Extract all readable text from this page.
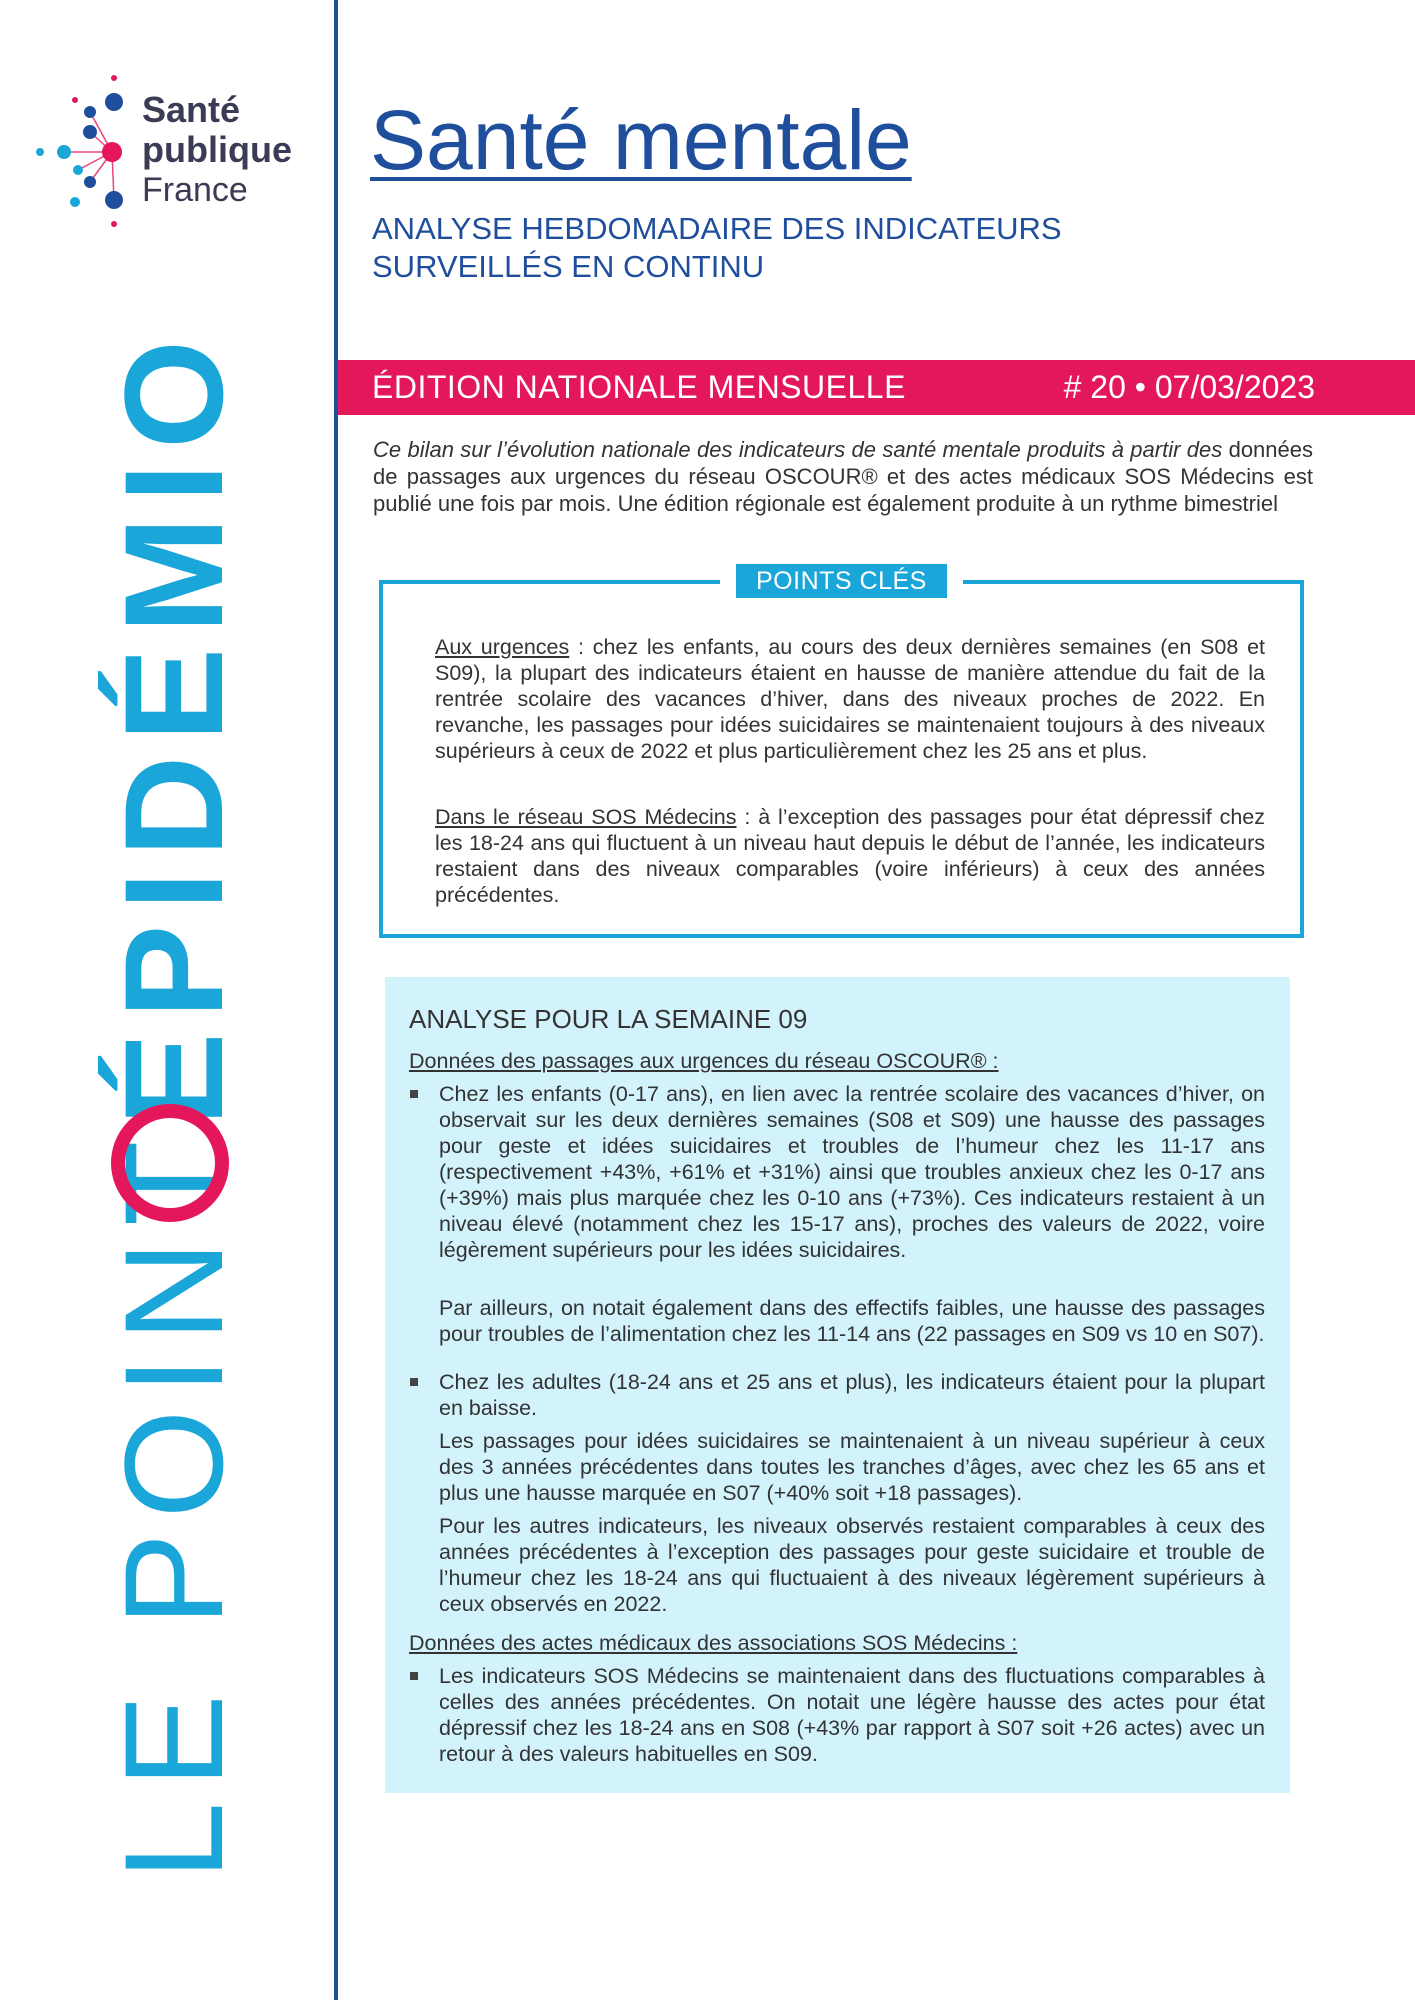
Santé
publique
France
LE POINTÉPIDÉMIO
Santé mentale
ANALYSE HEBDOMADAIRE DES INDICATEURS
SURVEILLÉS EN CONTINU
ÉDITION NATIONALE MENSUELLE	# 20 • 07/03/2023
Ce bilan sur l’évolution nationale des indicateurs de santé mentale produits à partir des données de passages aux urgences du réseau OSCOUR® et des actes médicaux SOS Médecins est publié une fois par mois. Une édition régionale est également produite à un rythme bimestriel
POINTS CLÉS
Aux urgences : chez les enfants, au cours des deux dernières semaines (en S08 et S09), la plupart des indicateurs étaient en hausse de manière attendue du fait de la rentrée scolaire des vacances d’hiver, dans des niveaux proches de 2022. En revanche, les passages pour idées suicidaires se maintenaient toujours à des niveaux supérieurs à ceux de 2022 et plus particulièrement chez les 25 ans et plus.
Dans le réseau SOS Médecins : à l’exception des passages pour état dépressif chez les 18-24 ans qui fluctuent à un niveau haut depuis le début de l’année, les indicateurs restaient dans des niveaux comparables (voire inférieurs) à ceux des années précédentes.
ANALYSE POUR LA SEMAINE 09
Données des passages aux urgences du réseau OSCOUR® :
Chez les enfants (0-17 ans), en lien avec la rentrée scolaire des vacances d’hiver, on observait sur les deux dernières semaines (S08 et S09) une hausse des passages pour geste et idées suicidaires et troubles de l’humeur chez les 11-17 ans (respectivement +43%, +61% et +31%) ainsi que troubles anxieux chez les 0-17 ans (+39%) mais plus marquée chez les 0-10 ans (+73%). Ces indicateurs restaient à un niveau élevé (notamment chez les 15-17 ans), proches des valeurs de 2022, voire légèrement supérieurs pour les idées suicidaires.
Par ailleurs, on notait également dans des effectifs faibles, une hausse des passages pour troubles de l’alimentation chez les 11-14 ans (22 passages en S09 vs 10 en S07).
Chez les adultes (18-24 ans et 25 ans et plus), les indicateurs étaient pour la plupart en baisse.
Les passages pour idées suicidaires se maintenaient à un niveau supérieur à ceux des 3 années précédentes dans toutes les tranches d’âges, avec chez les 65 ans et plus une hausse marquée en S07 (+40% soit +18 passages).
Pour les autres indicateurs, les niveaux observés restaient comparables à ceux des années précédentes à l’exception des passages pour geste suicidaire et trouble de l’humeur chez les 18-24 ans qui fluctuaient à des niveaux légèrement supérieurs à ceux observés en 2022.
Données des actes médicaux des associations SOS Médecins :
Les indicateurs SOS Médecins se maintenaient dans des fluctuations comparables à celles des années précédentes. On notait une légère hausse des actes pour état dépressif chez les 18-24 ans en S08 (+43% par rapport à S07 soit +26 actes) avec un retour à des valeurs habituelles en S09.
